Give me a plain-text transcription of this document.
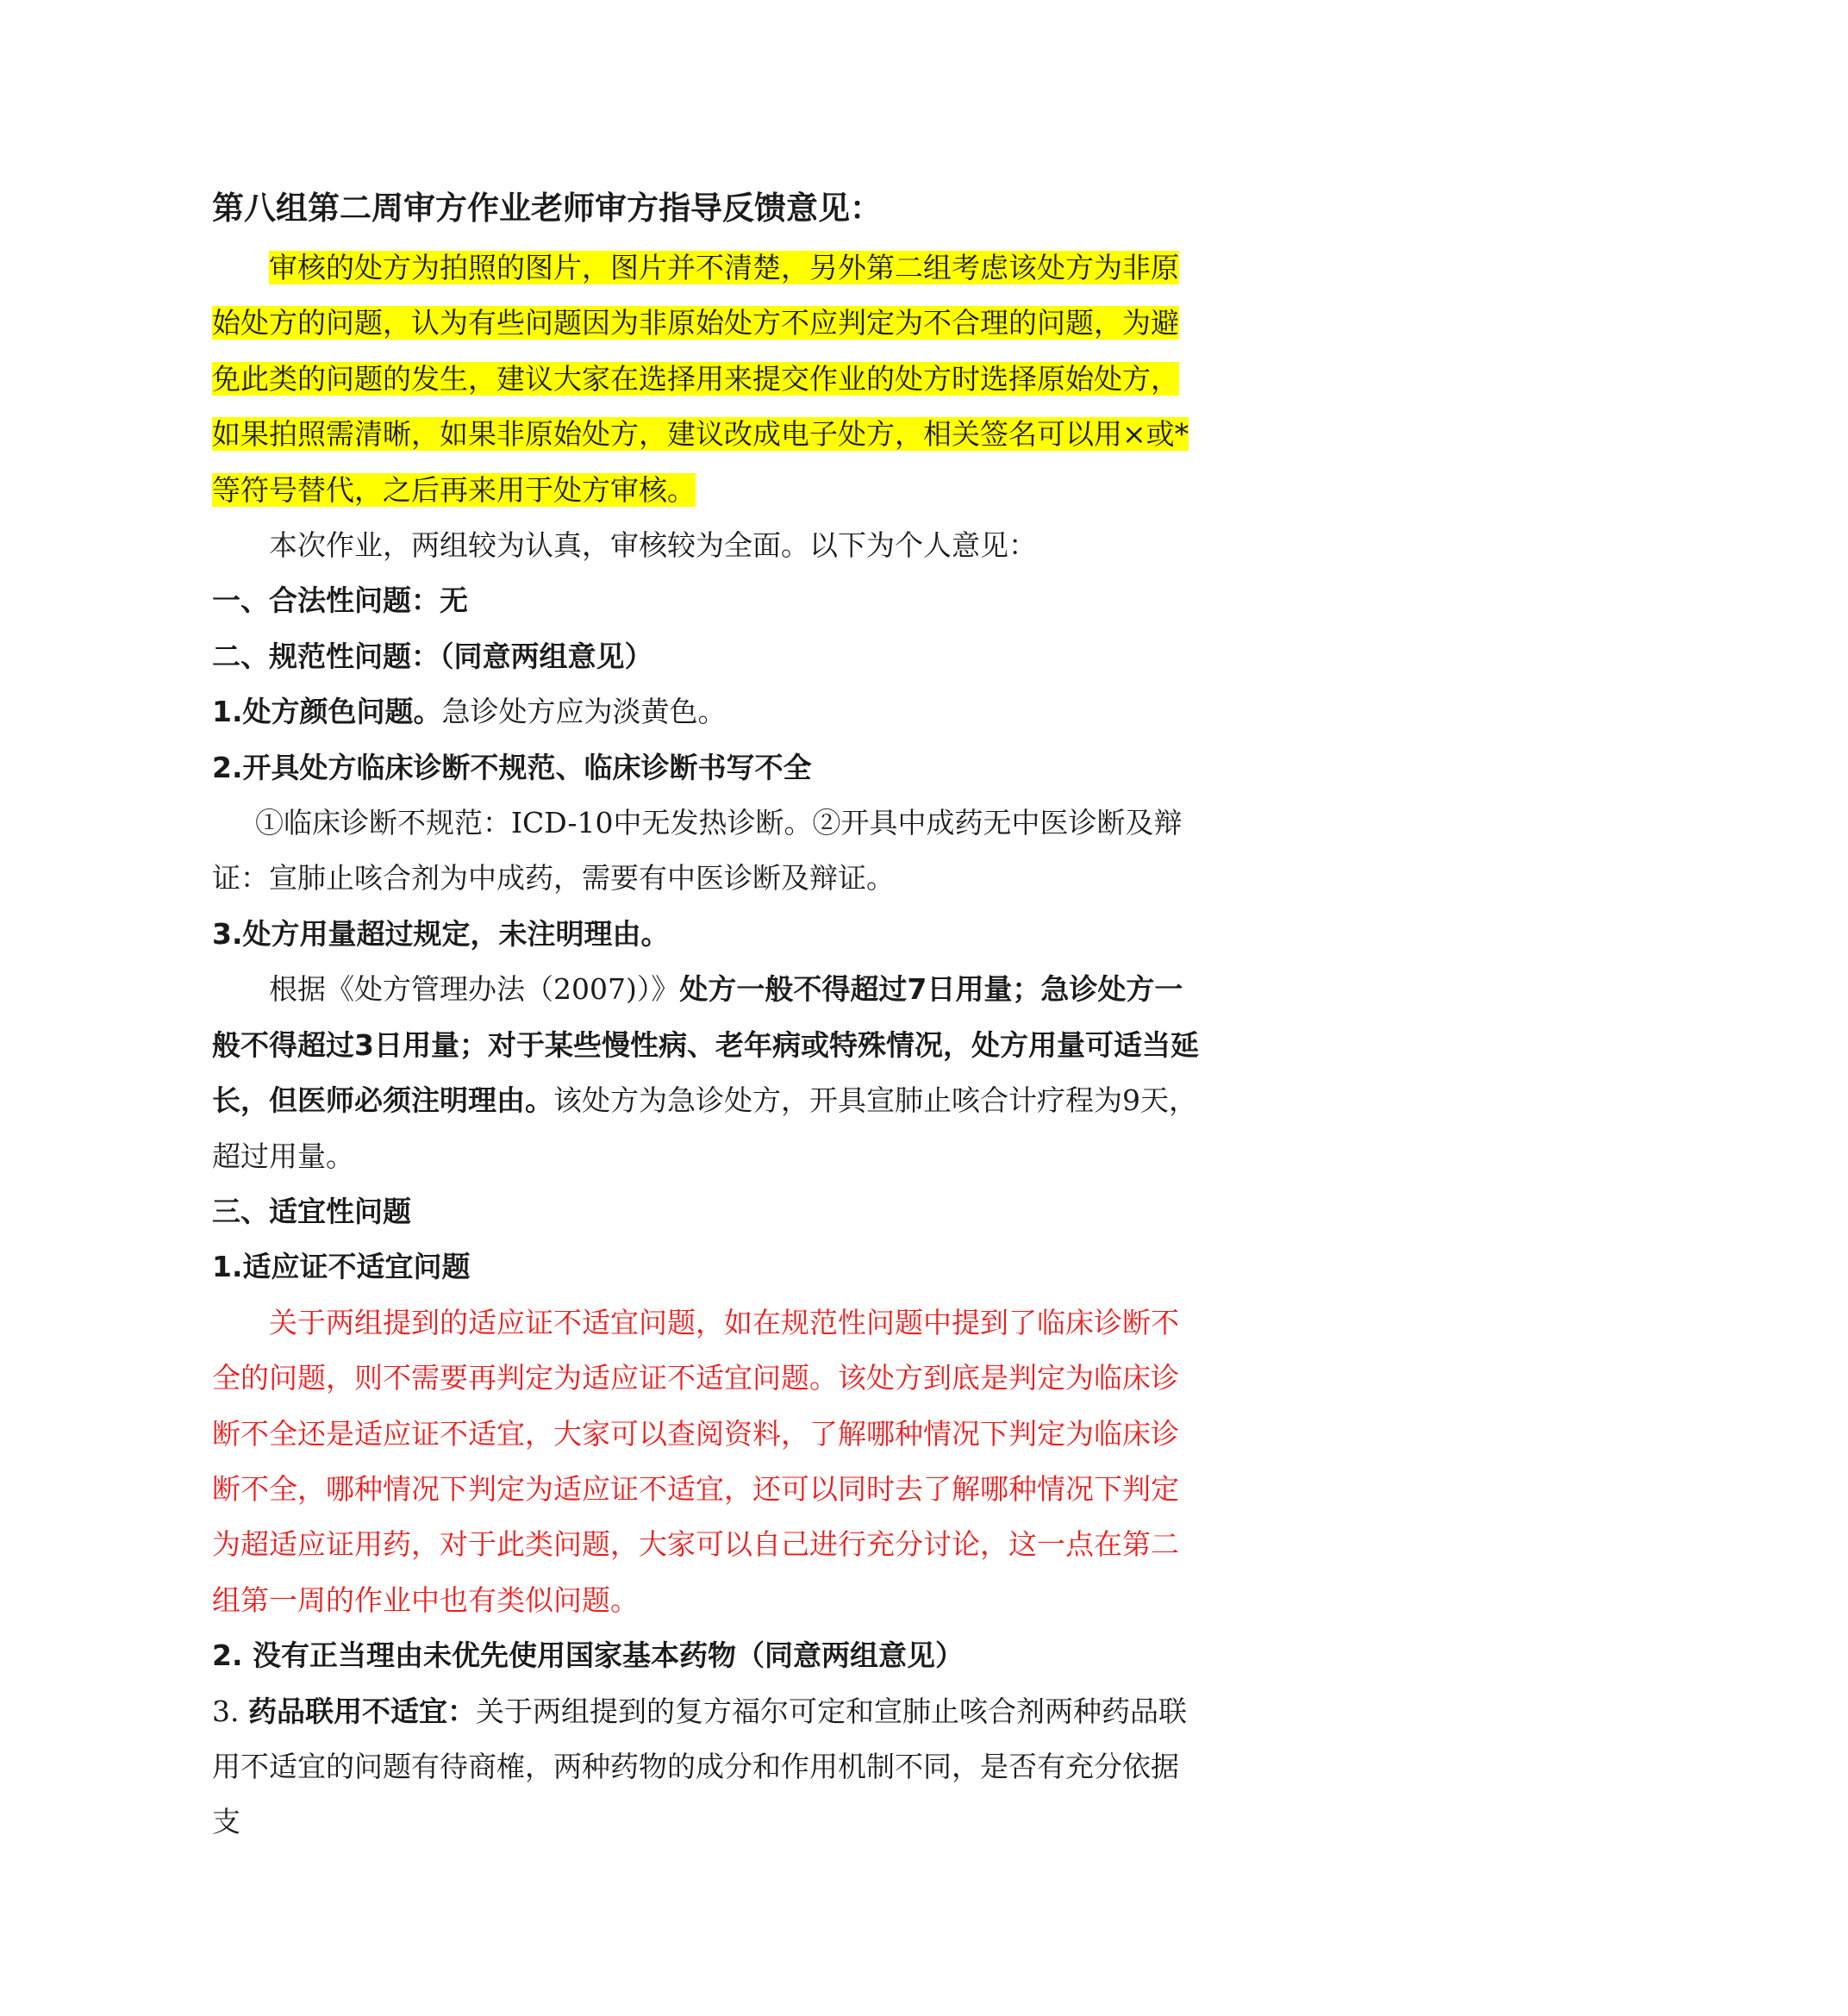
第八组第二周审方作业老师审方指导反馈意见：

审核的处方为拍照的图片，图片并不清楚，另外第二组考虑该处方为非原始处方的问题，认为有些问题因为非原始处方不应判定为不合理的问题，为避免此类的问题的发生，建议大家在选择用来提交作业的处方时选择原始处方，如果拍照需清晰，如果非原始处方，建议改成电子处方，相关签名可以用×或*等符号替代，之后再来用于处方审核。

本次作业，两组较为认真，审核较为全面。以下为个人意见：

一、合法性问题：无

二、规范性问题：（同意两组意见）

1.处方颜色问题。急诊处方应为淡黄色。

2.开具处方临床诊断不规范、临床诊断书写不全

①临床诊断不规范：ICD-10中无发热诊断。②开具中成药无中医诊断及辩证：宣肺止咳合剂为中成药，需要有中医诊断及辩证。

3.处方用量超过规定，未注明理由。

根据《处方管理办法（2007)）》处方一般不得超过7日用量；急诊处方一般不得超过3日用量；对于某些慢性病、老年病或特殊情况，处方用量可适当延长，但医师必须注明理由。该处方为急诊处方，开具宣肺止咳合计疗程为9天，超过用量。

三、适宜性问题

1.适应证不适宜问题

关于两组提到的适应证不适宜问题，如在规范性问题中提到了临床诊断不全的问题，则不需要再判定为适应证不适宜问题。该处方到底是判定为临床诊断不全还是适应证不适宜，大家可以查阅资料，了解哪种情况下判定为临床诊断不全，哪种情况下判定为适应证不适宜，还可以同时去了解哪种情况下判定为超适应证用药，对于此类问题，大家可以自己进行充分讨论，这一点在第二组第一周的作业中也有类似问题。

2. 没有正当理由未优先使用国家基本药物（同意两组意见）

3. 药品联用不适宜：关于两组提到的复方福尔可定和宣肺止咳合剂两种药品联用不适宜的问题有待商榷，两种药物的成分和作用机制不同，是否有充分依据支
